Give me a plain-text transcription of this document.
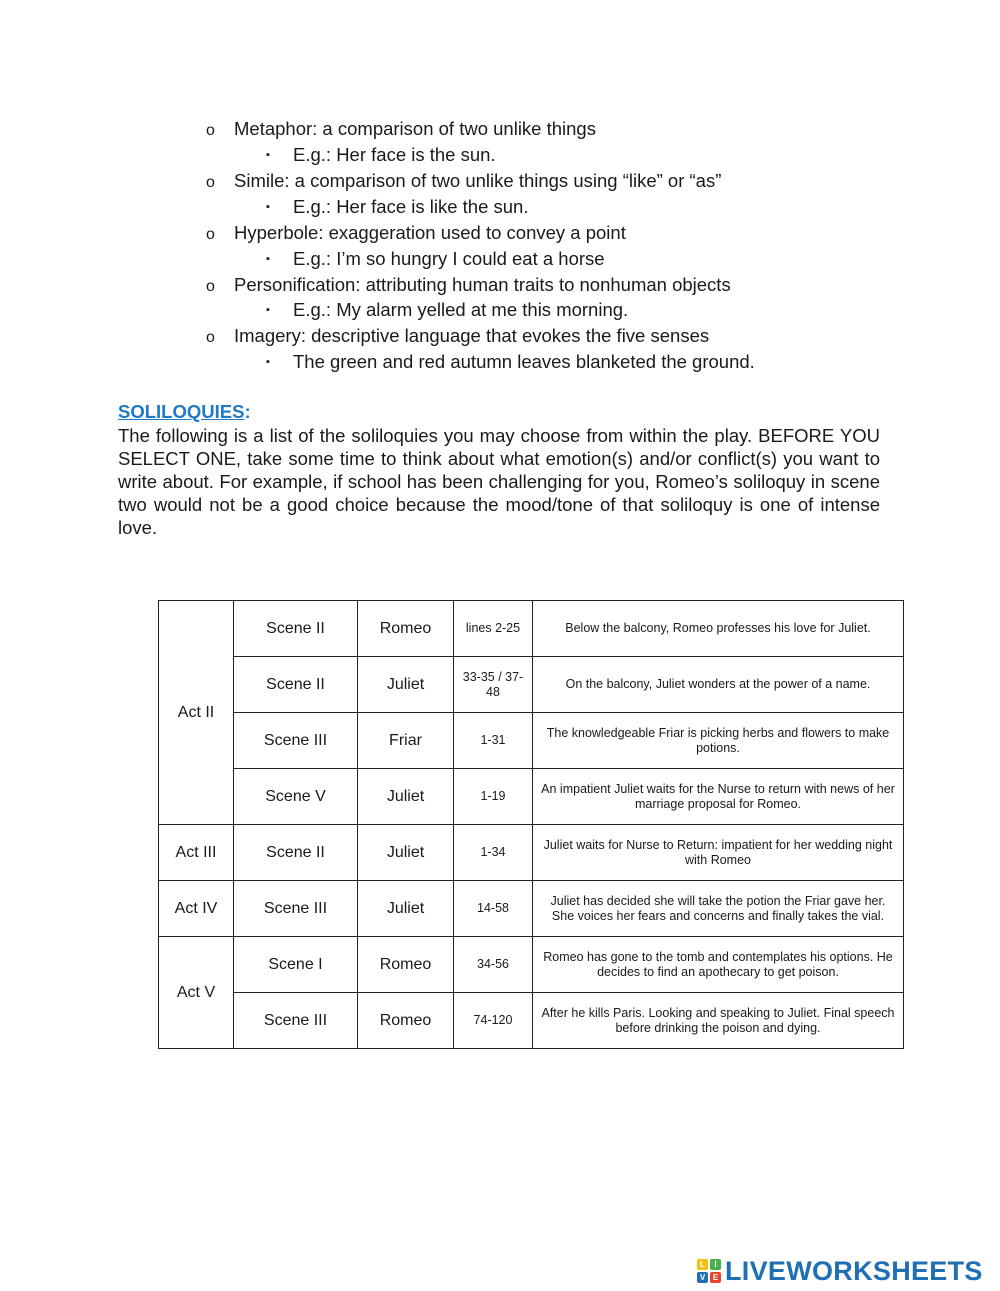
o Metaphor: a comparison of two unlike things
▪ E.g.: Her face is the sun.
o Simile: a comparison of two unlike things using “like” or “as”
▪ E.g.: Her face is like the sun.
o Hyperbole: exaggeration used to convey a point
▪ E.g.: I’m so hungry I could eat a horse
o Personification: attributing human traits to nonhuman objects
▪ E.g.: My alarm yelled at me this morning.
o Imagery: descriptive language that evokes the five senses
▪ The green and red autumn leaves blanketed the ground.
SOLILOQUIES:

The following is a list of the soliloquies you may choose from within the play. BEFORE YOU SELECT ONE, take some time to think about what emotion(s) and/or conflict(s) you want to write about. For example, if school has been challenging for you, Romeo’s soliloquy in scene two would not be a good choice because the mood/tone of that soliloquy is one of intense love.

Act II	Scene II	Romeo	lines 2-25	Below the balcony, Romeo professes his love for Juliet.
	Scene II	Juliet	33-35 / 37-48	On the balcony, Juliet wonders at the power of a name.
	Scene III	Friar	1-31	The knowledgeable Friar is picking herbs and flowers to make potions.
	Scene V	Juliet	1-19	An impatient Juliet waits for the Nurse to return with news of her marriage proposal for Romeo.
Act III	Scene II	Juliet	1-34	Juliet waits for Nurse to Return: impatient for her wedding night with Romeo
Act IV	Scene III	Juliet	14-58	Juliet has decided she will take the potion the Friar gave her. She voices her fears and concerns and finally takes the vial.
Act V	Scene I	Romeo	34-56	Romeo has gone to the tomb and contemplates his options. He decides to find an apothecary to get poison.
	Scene III	Romeo	74-120	After he kills Paris. Looking and speaking to Juliet. Final speech before drinking the poison and dying.
L	I
V E LIVEWORKSHEETS
